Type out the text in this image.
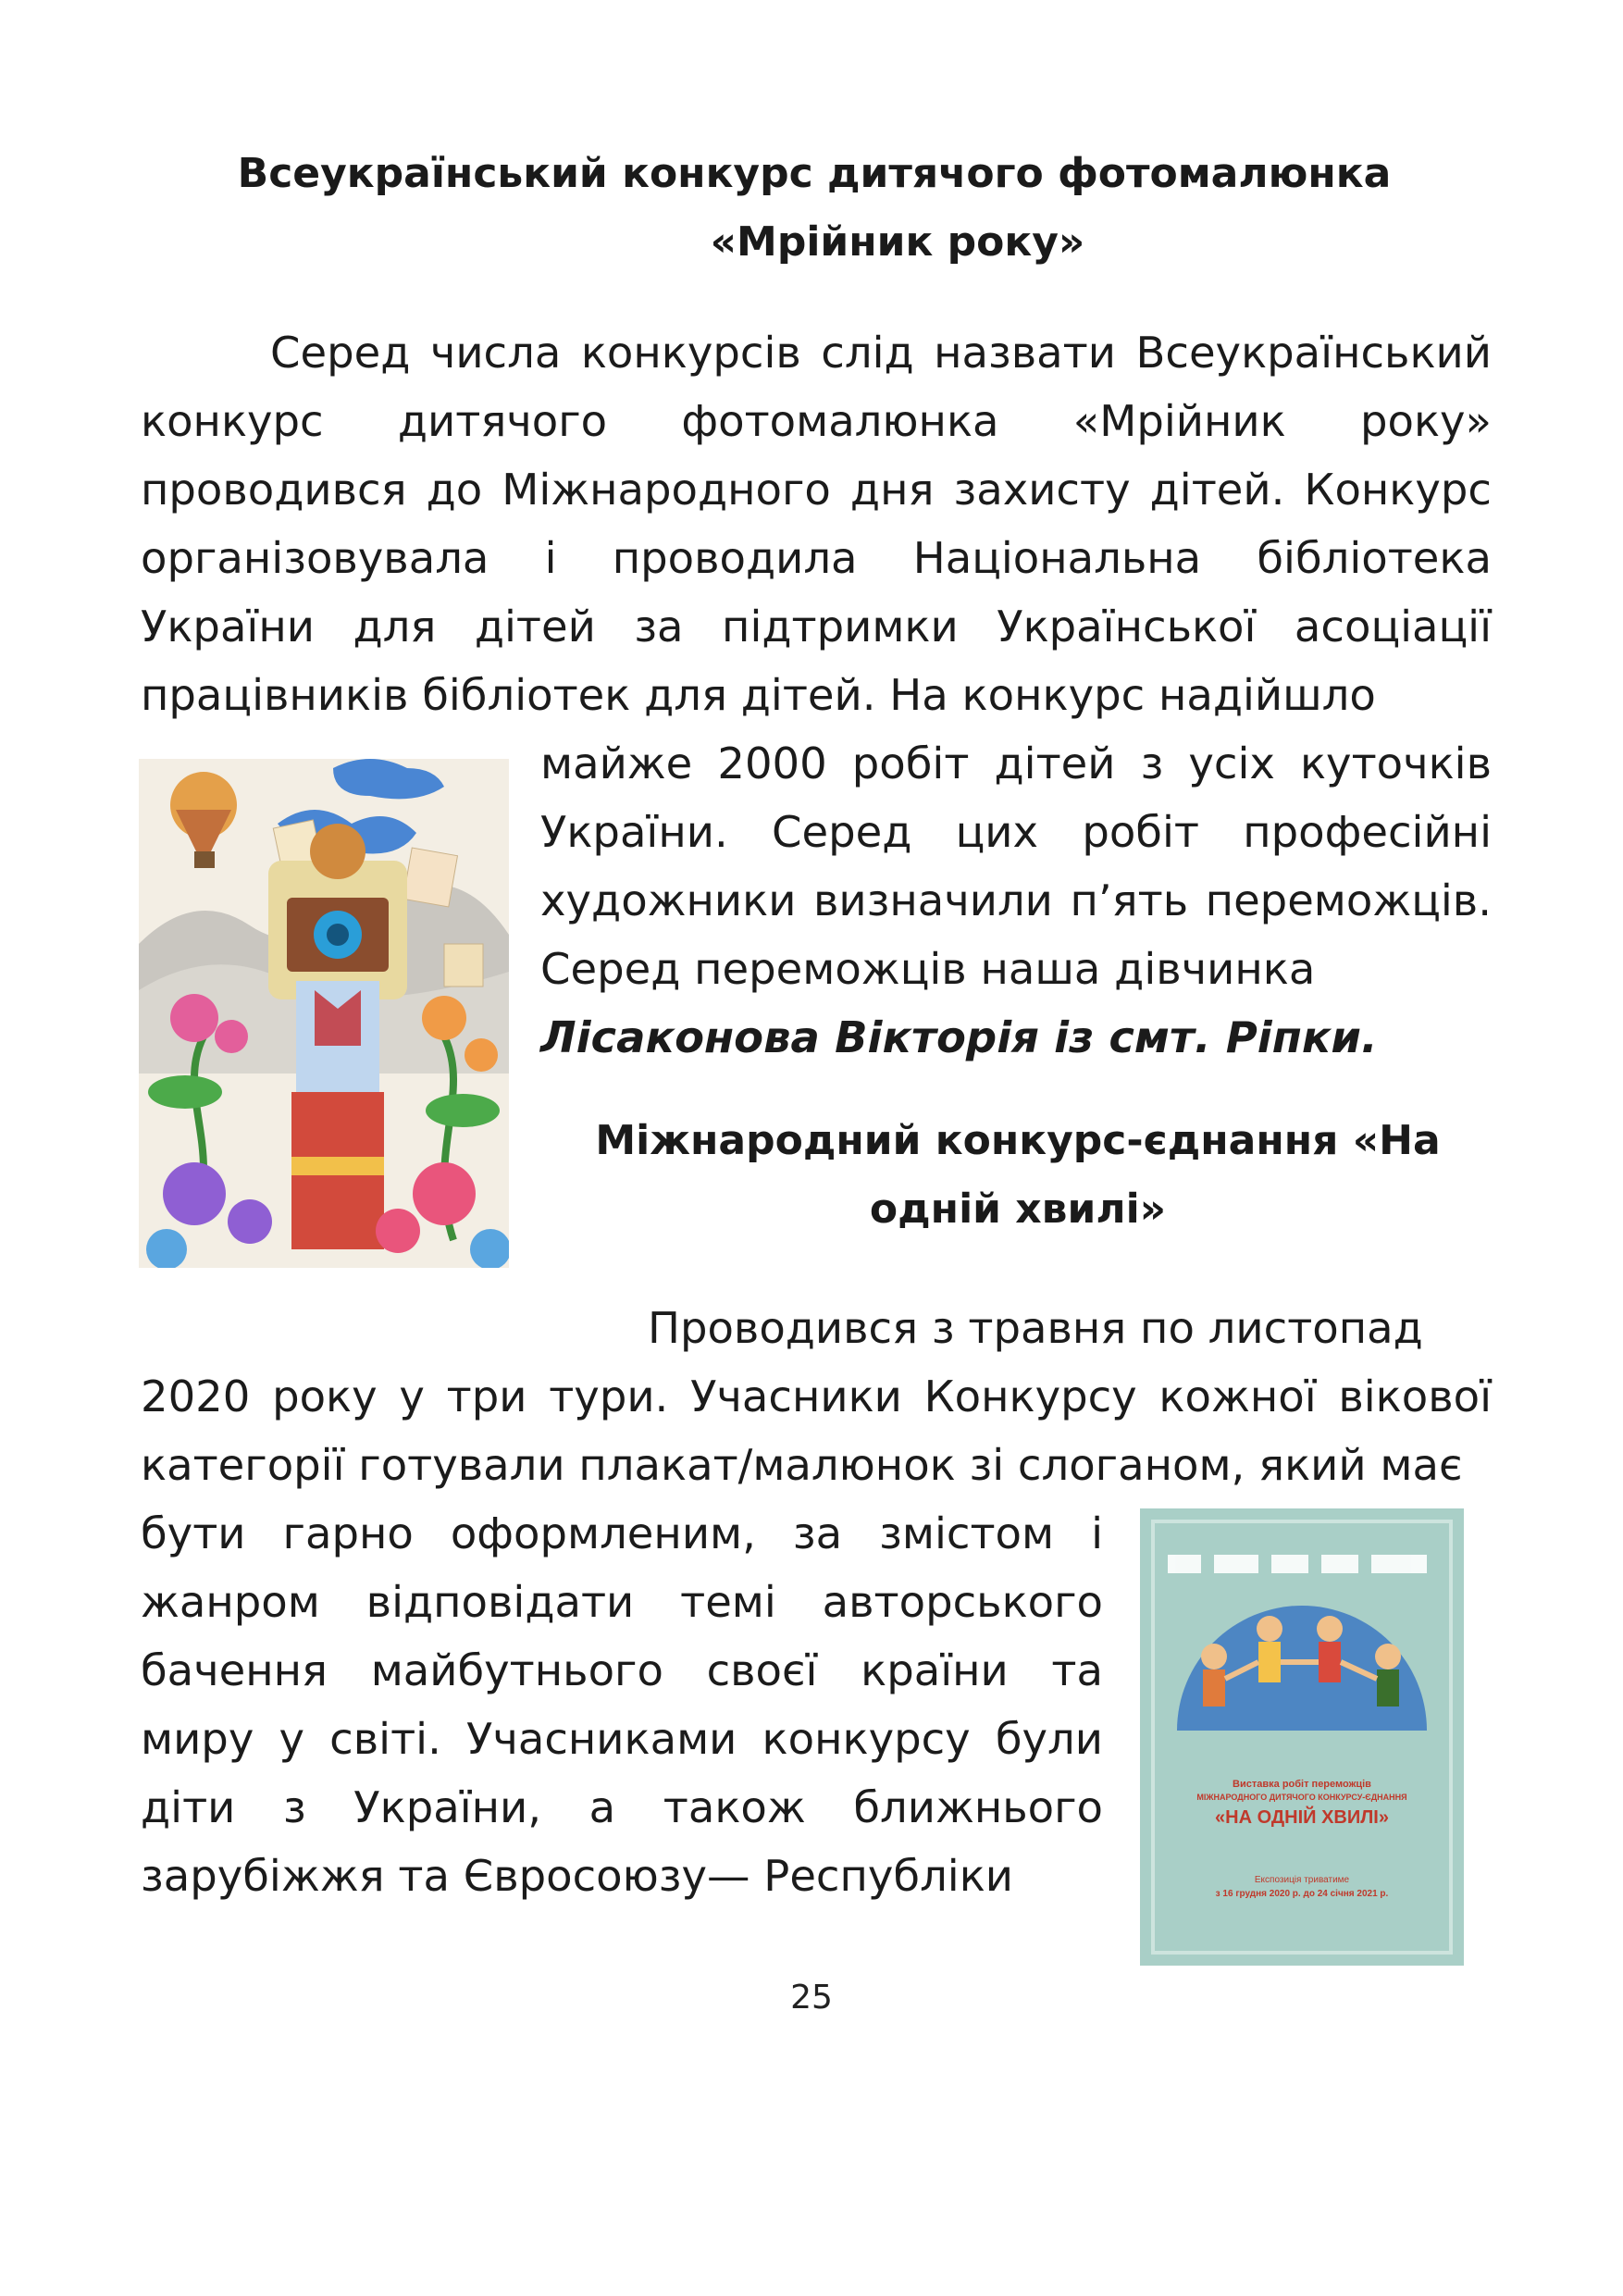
Всеукраїнський конкурс дитячого фотомалюнка
«Мрійник року»

Серед числа конкурсів слід назвати Всеукраїнський конкурс дитячого фотомалюнка «Мрійник року» проводився до Міжнародного дня захисту дітей. Конкурс організовувала і проводила Національна бібліотека України для дітей за підтримки Української асоціації працівників бібліотек для дітей. На конкурс надійшло

майже 2000 робіт дітей з усіх куточків України. Серед цих робіт професійні художники визначили п’ять переможців. Серед переможців наша дівчинка
Лісаконова Вікторія із смт. Ріпки.

Міжнародний конкурс-єднання «На
одній хвилі»

Проводився з травня по листопад

2020 року у три тури. Учасники Конкурсу кожної вікової категорії готували плакат/малюнок зі слоганом, який має

бути гарно оформленим, за змістом і жанром відповідати темі авторського бачення майбутнього своєї країни та миру у світі. Учасниками конкурсу були діти з України, а також ближнього зарубіжжя та Євросоюзу— Республіки

Виставка робіт переможців
МІЖНАРОДНОГО ДИТЯЧОГО КОНКУРСУ-ЄДНАННЯ
«НА ОДНІЙ ХВИЛІ»
Експозиція триватиме
з 16 грудня 2020 р. до 24 січня 2021 р.
25
